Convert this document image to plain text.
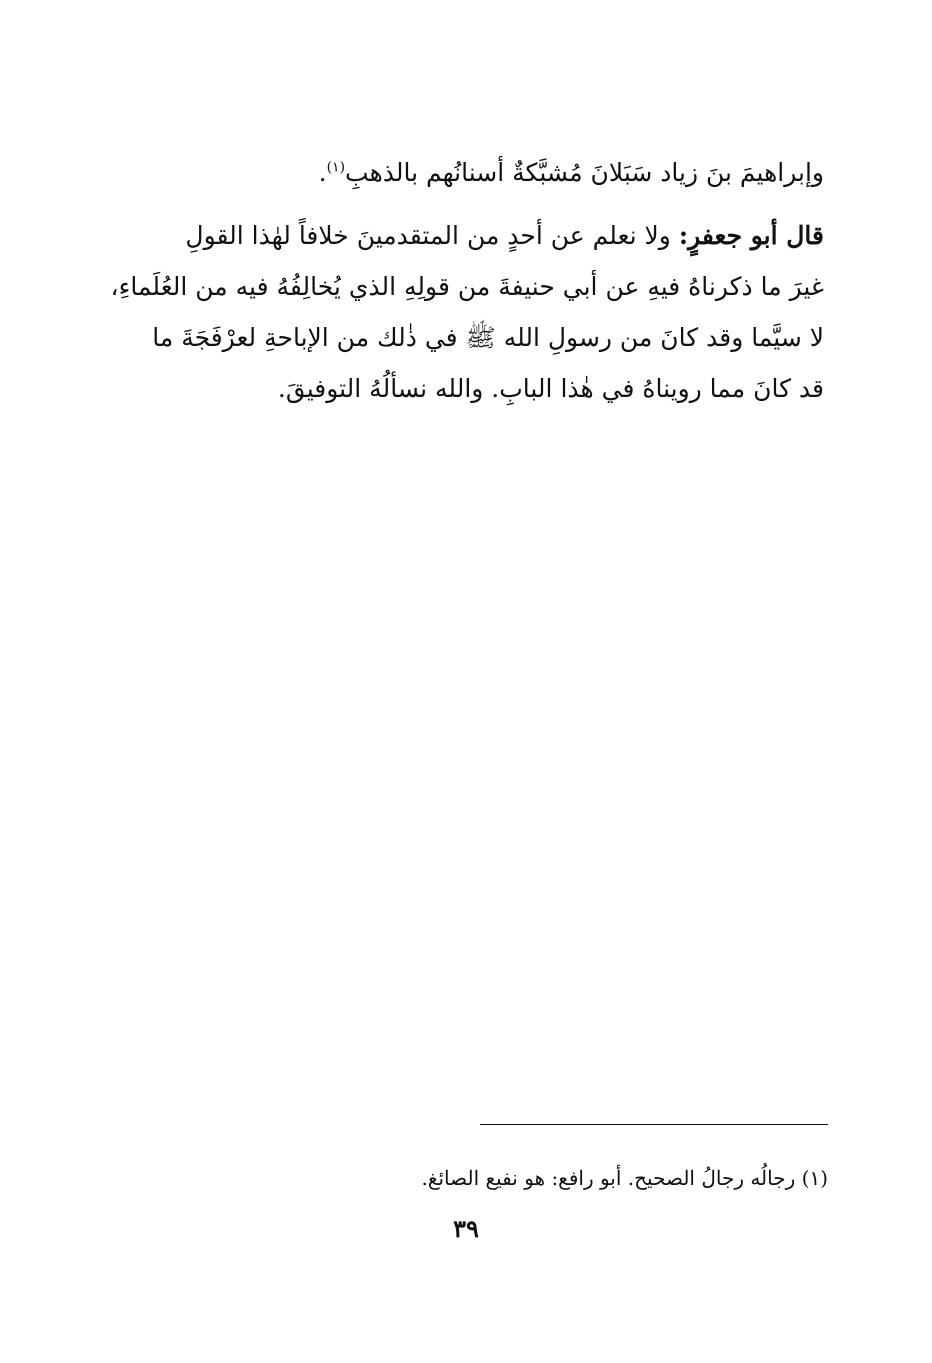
وإبراهيمَ بنَ زياد سَبَلانَ مُشبَّكةٌ أسنانُهم بالذهبِ$^{(١)}$.
قال أبو جعفرٍ: ولا نعلم عن أحدٍ من المتقدمينَ خلافاً لهٰذا القولِ
غيرَ ما ذكرناهُ فيهِ عن أبي حنيفةَ من قولِهِ الذي يُخالِفُهُ فيه من العُلَماءِ،
لا سيَّما وقد كانَ من رسولِ الله ﷺ في ذٰلك من الإباحةِ لعرْفَجَةَ ما
قد كانَ مما رويناهُ في هٰذا البابِ. والله نسألُهُ التوفيقَ.
(١) رجالُه رجالُ الصحيح. أبو رافع: هو نفيع الصائغ.
٣٩
